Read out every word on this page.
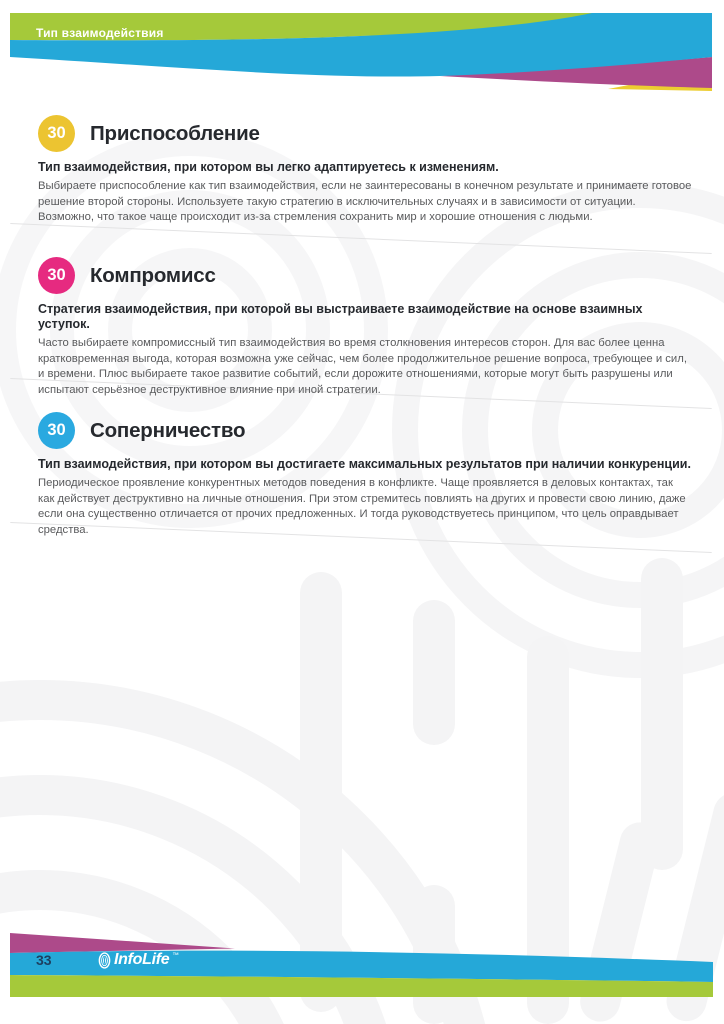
Тип взаимодействия
30	Приспособление
Тип взаимодействия, при котором вы легко адаптируетесь к изменениям.
Выбираете приспособление как тип взаимодействия, если не заинтересованы в конечном результате и принимаете готовое решение второй стороны. Используете такую стратегию в исключительных случаях и в зависимости от ситуации. Возможно, что такое чаще происходит из-за стремления сохранить мир и хорошие отношения с людьми.
30	Компромисс
Стратегия взаимодействия, при которой вы выстраиваете взаимодействие на основе взаимных уступок.
Часто выбираете компромиссный тип взаимодействия во время столкновения интересов сторон. Для вас более ценна кратковременная выгода, которая возможна уже сейчас, чем более продолжительное решение вопроса, требующее и сил, и времени. Плюс выбираете такое развитие событий, если дорожите отношениями, которые могут быть разрушены или испытают серьёзное деструктивное влияние при иной стратегии.
30	Соперничество
Тип взаимодействия, при котором вы достигаете максимальных результатов при наличии конкуренции.
Периодическое проявление конкурентных методов поведения в конфликте. Чаще проявляется в деловых контактах, так как действует деструктивно на личные отношения. При этом стремитесь повлиять на других и провести свою линию, даже если она существенно отличается от прочих предложенных. И тогда руководствуетесь принципом, что цель оправдывает средства.
33	InfoLife ™
